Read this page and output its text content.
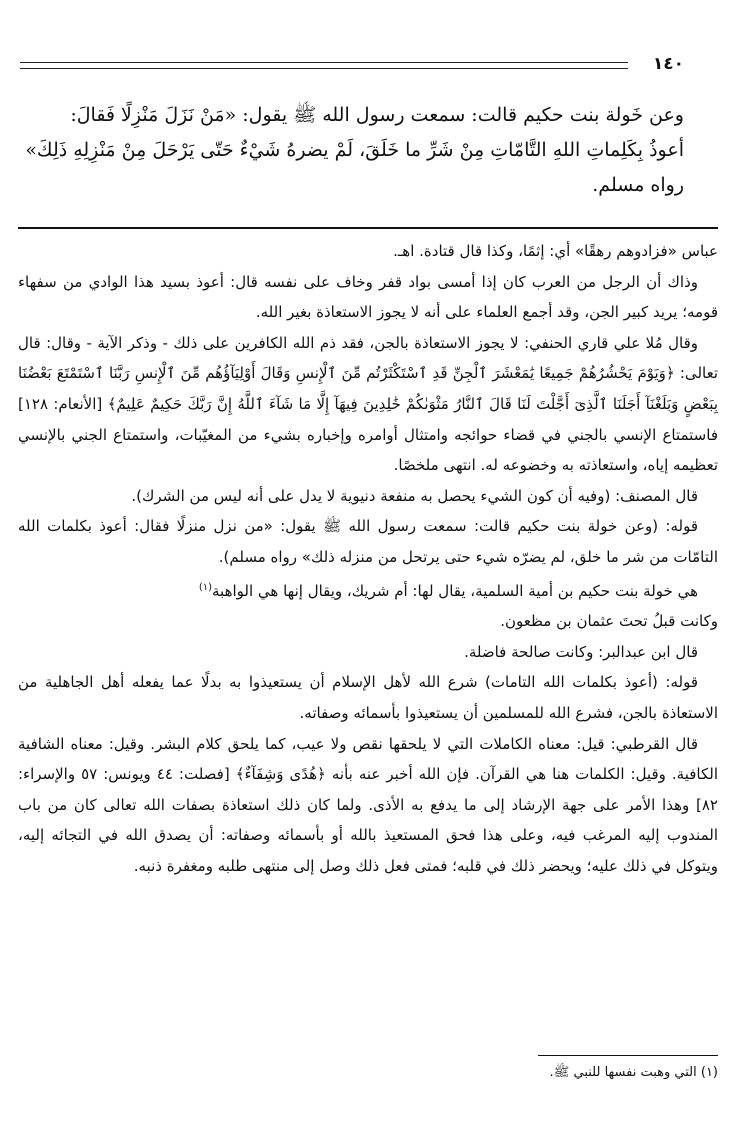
١٤٠
وعن خَولة بنت حكيم قالت: سمعت رسول الله ﷺ يقول: «مَنْ نَزَلَ مَنْزِلًا فَقالَ:
أعوذُ بِكَلِماتِ اللهِ التَّامّاتِ مِنْ شَرِّ ما خَلَقَ، لَمْ يضرهُ شَيْءٌ حَتّى يَرْحَلَ مِنْ مَنْزِلِهِ ذَلِكَ»
رواه مسلم.

عباس «فزادوهم رهقًا» أي: إثمًا، وكذا قال قتادة. اهـ.

وذاك أن الرجل من العرب كان إذا أمسى بواد قفر وخاف على نفسه قال: أعوذ بسيد هذا الوادي من سفهاء قومه؛ يريد كبير الجن، وقد أجمع العلماء على أنه لا يجوز الاستعاذة بغير الله.

وقال مُلا علي قاري الحنفي: لا يجوز الاستعاذة بالجن، فقد ذم الله الكافرين على ذلك - وذكر الآية - وقال: قال تعالى: ﴿وَيَوْمَ يَحْشُرُهُمْ جَمِيعًا يَٰمَعْشَرَ ٱلْجِنِّ قَدِ ٱسْتَكْثَرْتُم مِّنَ ٱلْإِنسِ وَقَالَ أَوْلِيَآؤُهُم مِّنَ ٱلْإِنسِ رَبَّنَا ٱسْتَمْتَعَ بَعْضُنَا بِبَعْضٍ وَبَلَغْنَآ أَجَلَنَا ٱلَّذِىٓ أَجَّلْتَ لَنَا قَالَ ٱلنَّارُ مَثْوَىٰكُمْ خَٰلِدِينَ فِيهَآ إِلَّا مَا شَآءَ ٱللَّهُ إِنَّ رَبَّكَ حَكِيمٌ عَلِيمٌ﴾ [الأنعام: ١٢٨] فاستمتاع الإنسي بالجني في قضاء حوائجه وامتثال أوامره وإخباره بشيء من المغيّبات، واستمتاع الجني بالإنسي تعظيمه إياه، واستعاذته به وخضوعه له. انتهى ملخصًا.

قال المصنف: (وفيه أن كون الشيء يحصل به منفعة دنيوية لا يدل على أنه ليس من الشرك).

قوله: (وعن خولة بنت حكيم قالت: سمعت رسول الله ﷺ يقول: «من نزل منزلًا فقال: أعوذ بكلمات الله التامّات من شر ما خلق، لم يضرّه شيء حتى يرتحل من منزله ذلك» رواه مسلم).

هي خولة بنت حكيم بن أمية السلمية، يقال لها: أم شريك، ويقال إنها هي الواهبة$^{(١)}$

وكانت قبلُ تحتَ عثمان بن مظعون.

قال ابن عبدالبر: وكانت صالحة فاضلة.

قوله: (أعوذ بكلمات الله التامات) شرع الله لأهل الإسلام أن يستعيذوا به بدلًا عما يفعله أهل الجاهلية من الاستعاذة بالجن، فشرع الله للمسلمين أن يستعيذوا بأسمائه وصفاته.

قال القرطبي: قيل: معناه الكاملات التي لا يلحقها نقص ولا عيب، كما يلحق كلام البشر. وقيل: معناه الشافية الكافية. وقيل: الكلمات هنا هي القرآن. فإن الله أخبر عنه بأنه ﴿هُدًى وَشِفَآءٌ﴾ [فصلت: ٤٤ ويونس: ٥٧ والإسراء: ٨٢] وهذا الأمر على جهة الإرشاد إلى ما يدفع به الأذى. ولما كان ذلك استعاذة بصفات الله تعالى كان من باب المندوب إليه المرغب فيه، وعلى هذا فحق المستعيذ بالله أو بأسمائه وصفاته: أن يصدق الله في التجائه إليه، ويتوكل في ذلك عليه؛ ويحضر ذلك في قلبه؛ فمتى فعل ذلك وصل إلى منتهى طلبه ومغفرة ذنبه.

(١) التي وهبت نفسها للنبي ﷺ.
